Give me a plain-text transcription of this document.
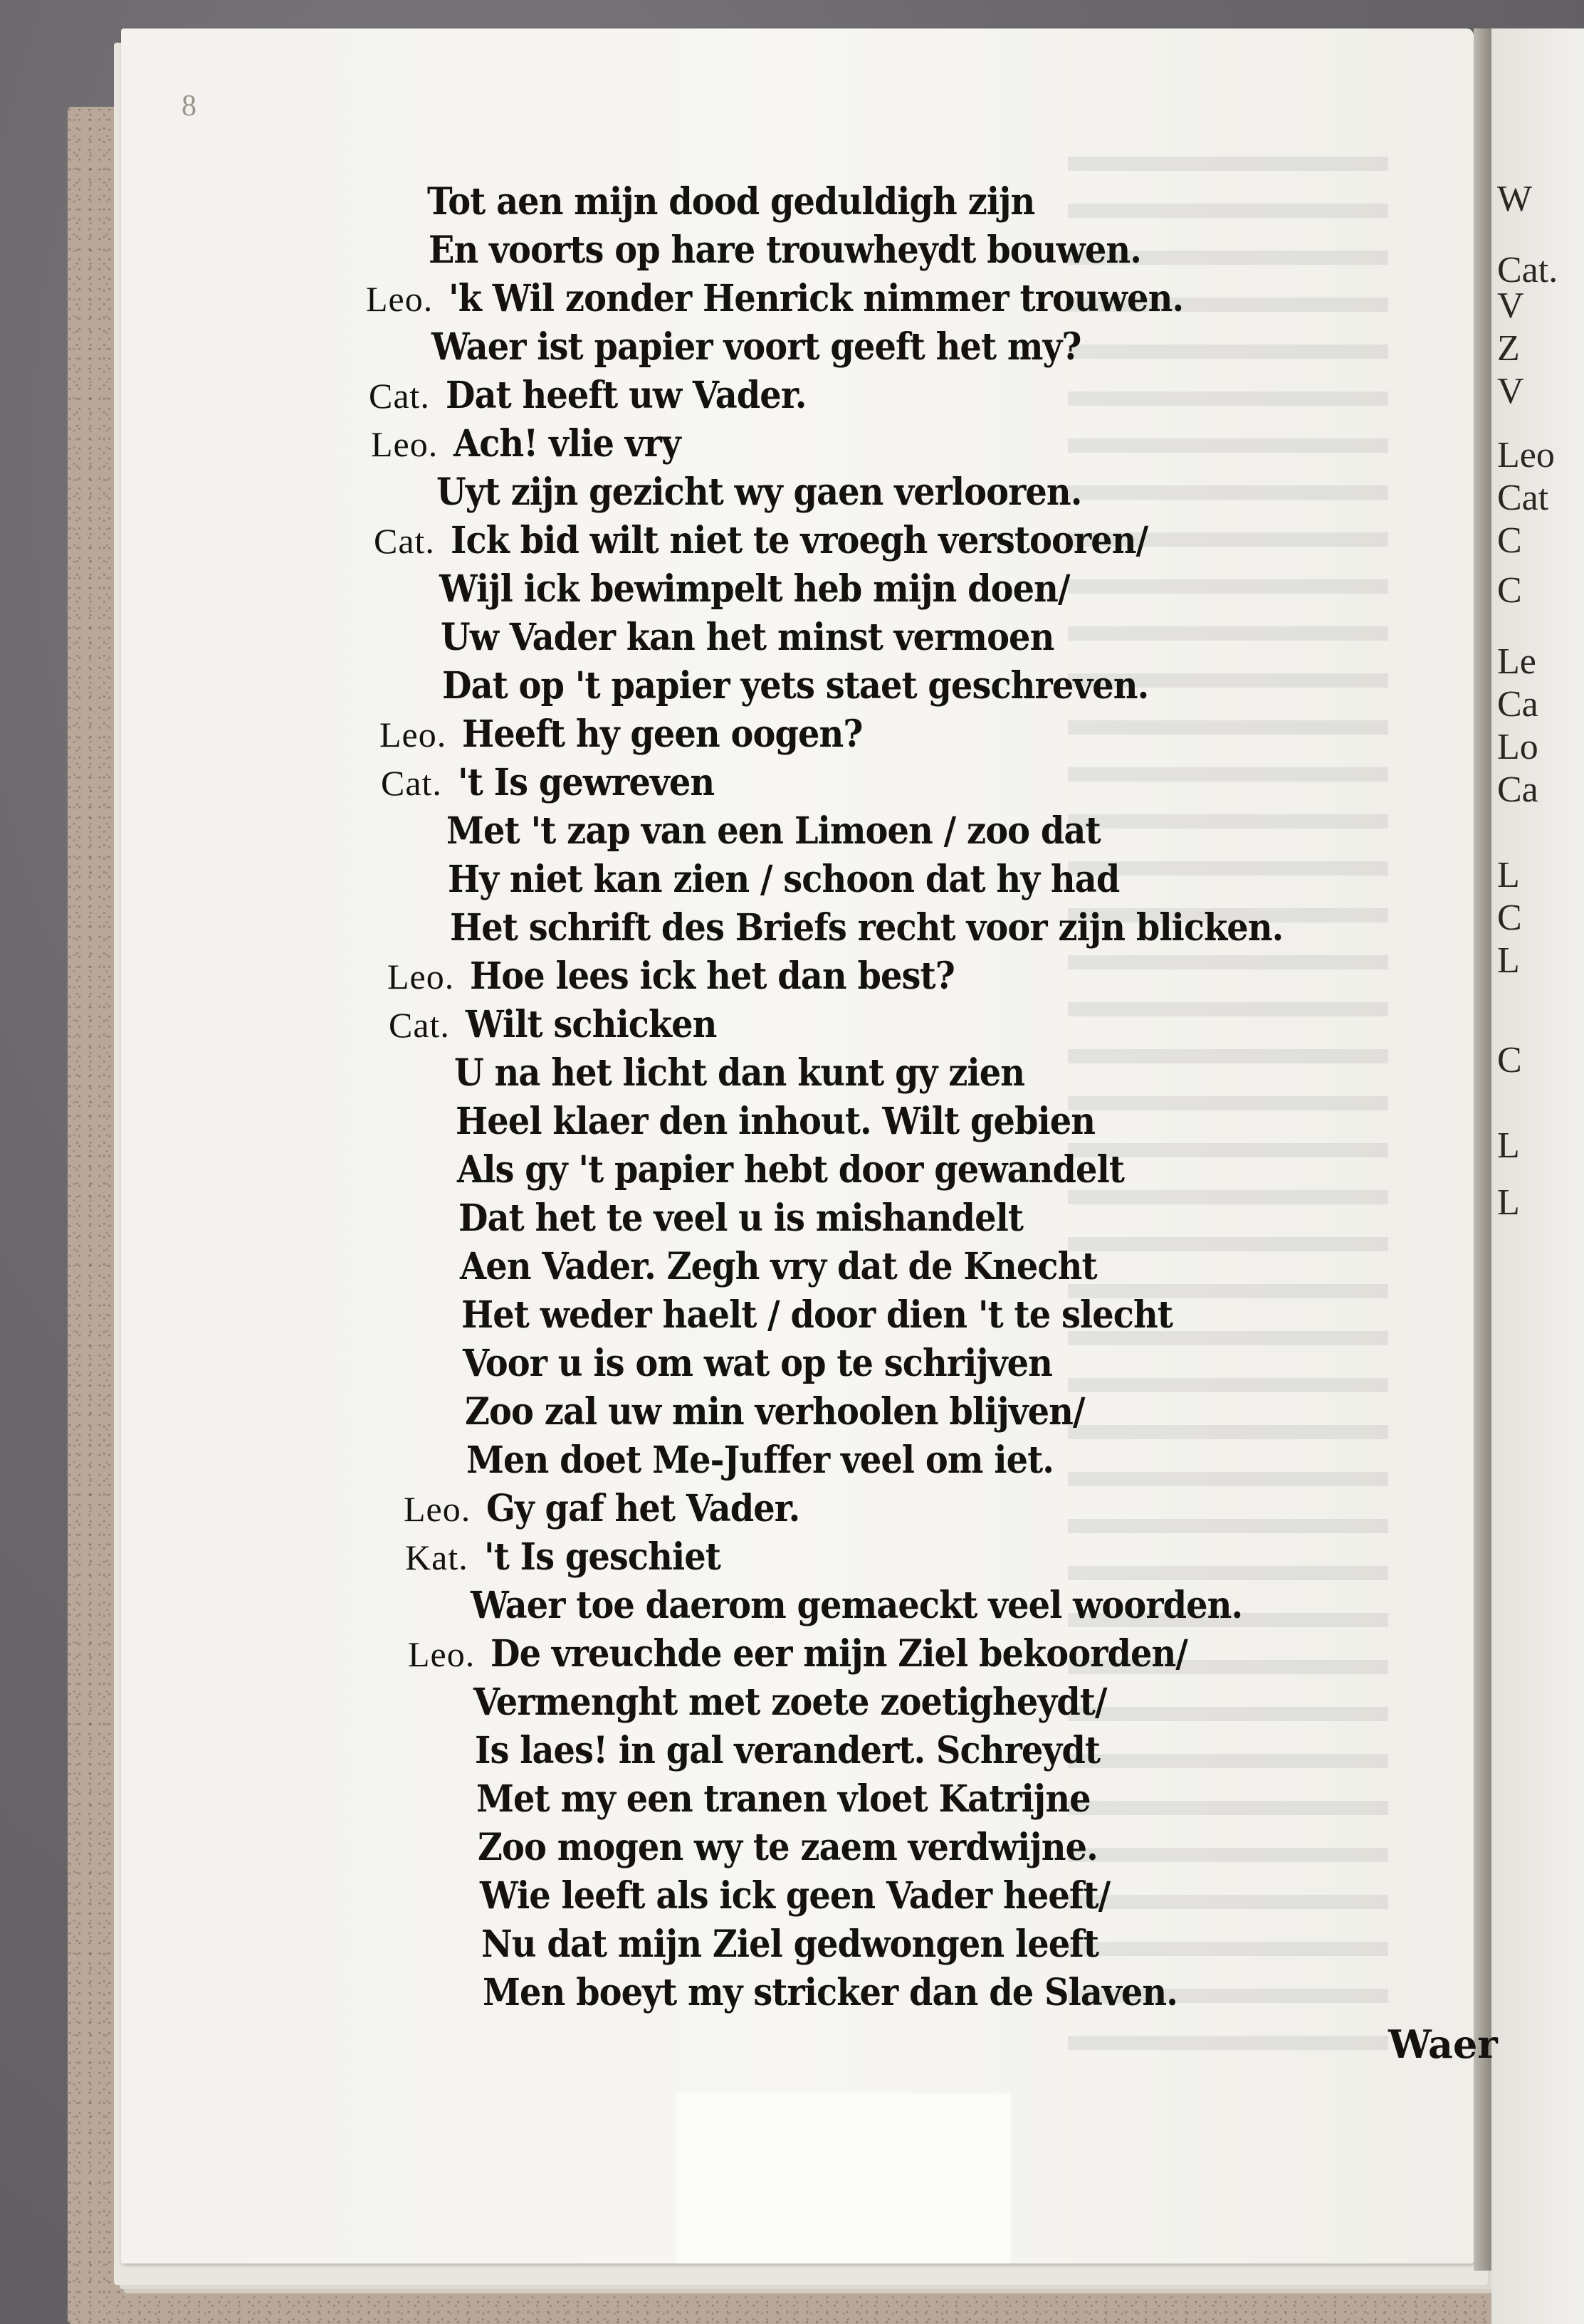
W
Cat.
V
Z
V
Leo
Cat
C
C
Le
Ca
Lo
Ca
L
C
L
C
L
L
8
Tot aen mijn dood geduldigh zijn
En voorts op hare trouwheydt bouwen.
Leo. 'k Wil zonder Henrick nimmer trouwen.
Waer ist papier voort geeft het my?
Cat. Dat heeft uw Vader.
Leo. Ach! vlie vry
Uyt zijn gezicht wy gaen verlooren.
Cat. Ick bid wilt niet te vroegh verstooren/
Wijl ick bewimpelt heb mijn doen/
Uw Vader kan het minst vermoen
Dat op 't papier yets staet geschreven.
Leo. Heeft hy geen oogen?
Cat. 't Is gewreven
Met 't zap van een Limoen / zoo dat
Hy niet kan zien / schoon dat hy had
Het schrift des Briefs recht voor zijn blicken.
Leo. Hoe lees ick het dan best?
Cat. Wilt schicken
U na het licht dan kunt gy zien
Heel klaer den inhout. Wilt gebien
Als gy 't papier hebt door gewandelt
Dat het te veel u is mishandelt
Aen Vader. Zegh vry dat de Knecht
Het weder haelt / door dien 't te slecht
Voor u is om wat op te schrijven
Zoo zal uw min verhoolen blijven/
Men doet Me-Juffer veel om iet.
Leo. Gy gaf het Vader.
Kat. 't Is geschiet
Waer toe daerom gemaeckt veel woorden.
Leo. De vreuchde eer mijn Ziel bekoorden/
Vermenght met zoete zoetigheydt/
Is laes! in gal verandert. Schreydt
Met my een tranen vloet Katrijne
Zoo mogen wy te zaem verdwijne.
Wie leeft als ick geen Vader heeft/
Nu dat mijn Ziel gedwongen leeft
Men boeyt my stricker dan de Slaven.
Waer
